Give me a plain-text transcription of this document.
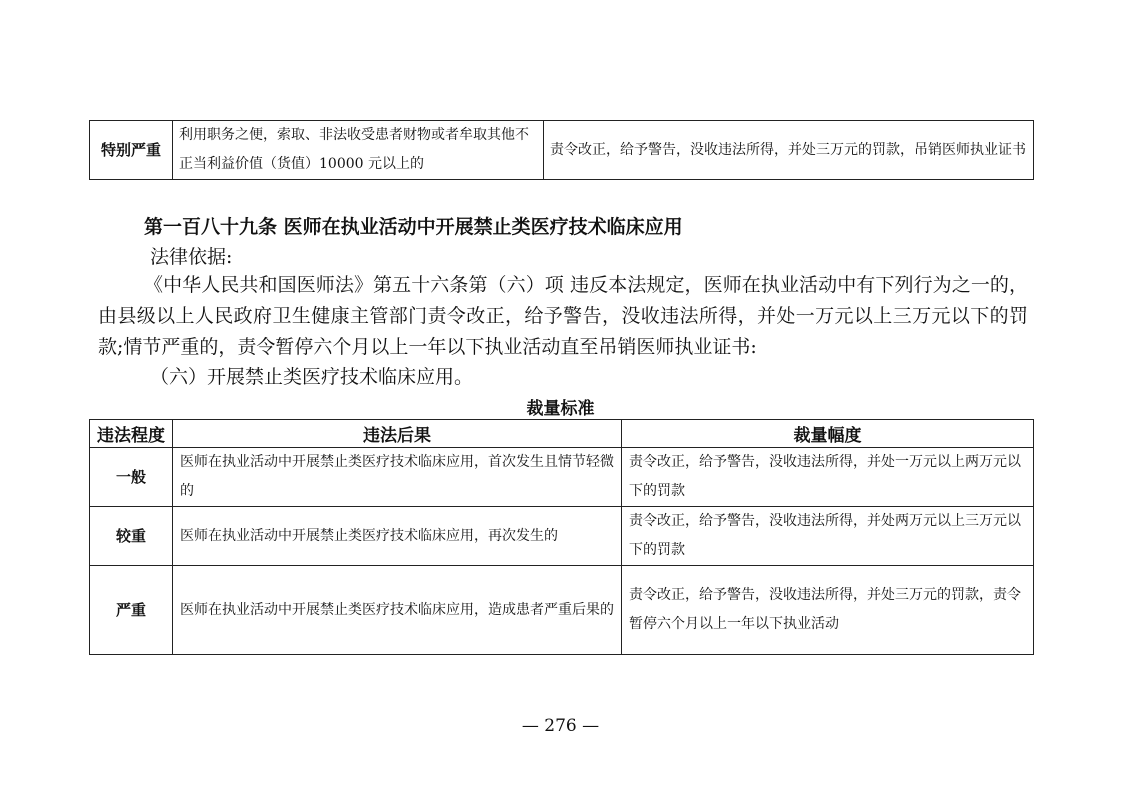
特别严重	利用职务之便，索取、非法收受患者财物或者牟取其他不正当利益价值（货值）10000 元以上的	责令改正，给予警告，没收违法所得，并处三万元的罚款，吊销医师执业证书
第一百八十九条 医师在执业活动中开展禁止类医疗技术临床应用
法律依据:
《中华人民共和国医师法》第五十六条第（六）项 违反本法规定，医师在执业活动中有下列行为之一的，由县级以上人民政府卫生健康主管部门责令改正，给予警告，没收违法所得，并处一万元以上三万元以下的罚款;情节严重的，责令暂停六个月以上一年以下执业活动直至吊销医师执业证书:
（六）开展禁止类医疗技术临床应用。
裁量标准
违法程度	违法后果	裁量幅度
一般	医师在执业活动中开展禁止类医疗技术临床应用，首次发生且情节轻微的	责令改正，给予警告，没收违法所得，并处一万元以上两万元以下的罚款
较重	医师在执业活动中开展禁止类医疗技术临床应用，再次发生的	责令改正，给予警告，没收违法所得，并处两万元以上三万元以下的罚款
严重	医师在执业活动中开展禁止类医疗技术临床应用，造成患者严重后果的	责令改正，给予警告，没收违法所得，并处三万元的罚款，责令暂停六个月以上一年以下执业活动
— 276 —
